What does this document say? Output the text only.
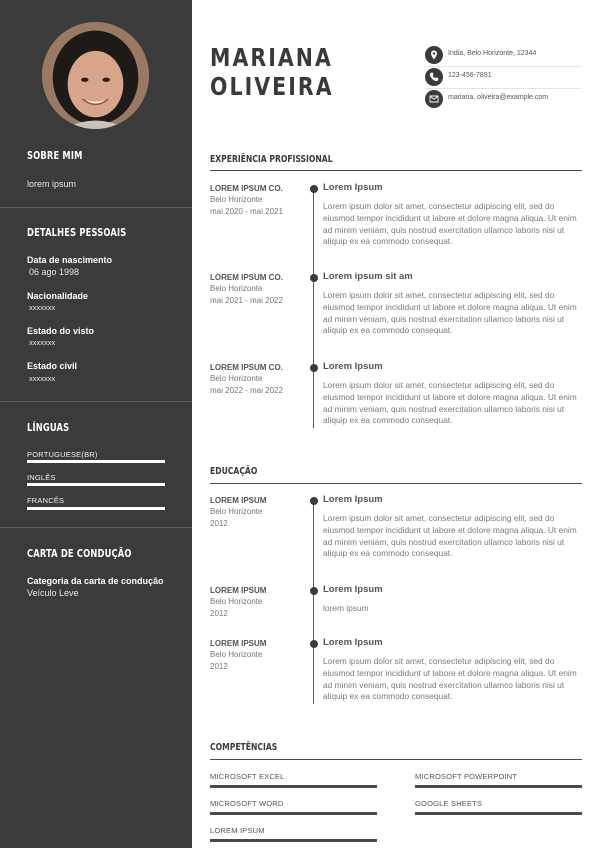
SOBRE MIM
lorem ipsum
DETALHES PESSOAIS
Data de nascimento
06 ago 1998
Nacionalidade
xxxxxxx
Estado do visto
xxxxxxx
Estado civil
xxxxxxx
LÍNGUAS
PORTUGUESE(BR)
INGLÊS
FRANCÊS
CARTA DE CONDUÇÃO
Categoria da carta de condução
Veículo Leve
MARIANA
OLIVEIRA
India, Belo Horizonte, 12344
123-456-7891
mariana. oliveira@example.com
EXPERIÊNCIA PROFISSIONAL
LOREM IPSUM CO.
Belo Horizonte
mai 2020 - mai 2021
Lorem Ipsum
Lorem ipsum dolor sit amet, consectetur adipiscing elit, sed do eiusmod tempor incididunt ut labore et dolore magna aliqua. Ut enim ad minim veniam, quis nostrud exercitation ullamco laboris nisi ut aliquip ex ea commodo consequat.
LOREM IPSUM CO.
Belo Horizonte
mai 2021 - mai 2022
Lorem ipsum sit am
Lorem ipsum dolor sit amet, consectetur adipiscing elit, sed do eiusmod tempor incididunt ut labore et dolore magna aliqua. Ut enim ad minim veniam, quis nostrud exercitation ullamco laboris nisi ut aliquip ex ea commodo consequat.
LOREM IPSUM CO.
Belo Horizonte
mai 2022 - mai 2022
Lorem Ipsum
Lorem ipsum dolor sit amet, consectetur adipiscing elit, sed do eiusmod tempor incididunt ut labore et dolore magna aliqua. Ut enim ad minim veniam, quis nostrud exercitation ullamco laboris nisi ut aliquip ex ea commodo consequat.
EDUCAÇÃO
LOREM IPSUM
Belo Horizonte
2012
Lorem Ipsum
Lorem ipsum dolor sit amet, consectetur adipiscing elit, sed do eiusmod tempor incididunt ut labore et dolore magna aliqua. Ut enim ad minim veniam, quis nostrud exercitation ullamco laboris nisi ut aliquip ex ea commodo consequat.
LOREM IPSUM
Belo Horizonte
2012
Lorem Ipsum
lorem ipsum
LOREM IPSUM
Belo Horizonte
2012
Lorem Ipsum
Lorem ipsum dolor sit amet, consectetur adipiscing elit, sed do eiusmod tempor incididunt ut labore et dolore magna aliqua. Ut enim ad minim veniam, quis nostrud exercitation ullamco laboris nisi ut aliquip ex ea commodo consequat.
COMPETÊNCIAS
MICROSOFT EXCEL	MICROSOFT POWERPOINT
MICROSOFT WORD	GOOGLE SHEETS
LOREM IPSUM
